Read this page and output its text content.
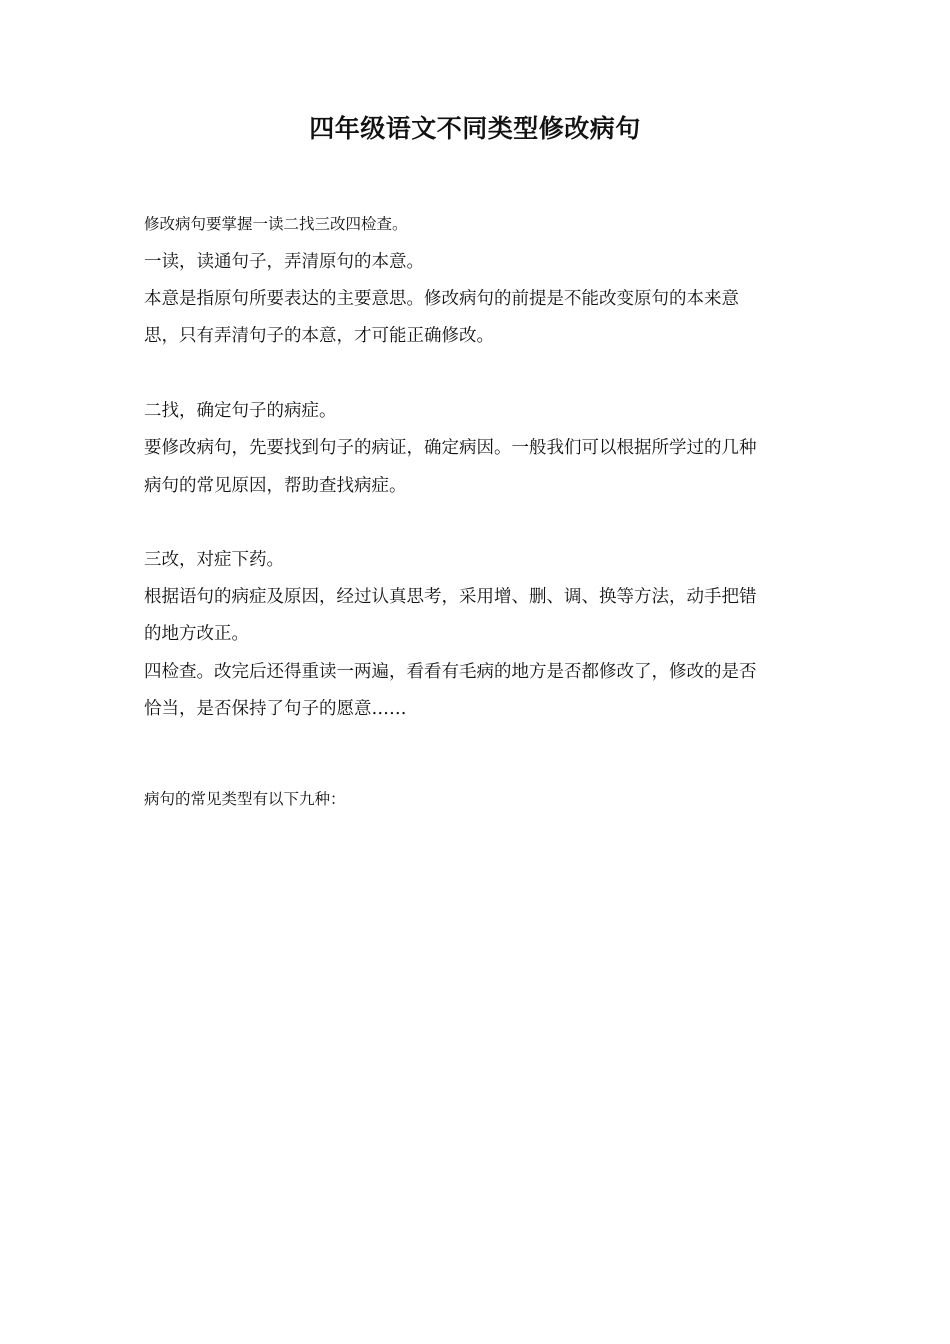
四年级语文不同类型修改病句

修改病句要掌握一读二找三改四检查。

一读，读通句子，弄清原句的本意。

本意是指原句所要表达的主要意思。修改病句的前提是不能改变原句的本来意

思，只有弄清句子的本意，才可能正确修改。

二找，确定句子的病症。

要修改病句，先要找到句子的病证，确定病因。一般我们可以根据所学过的几种

病句的常见原因，帮助查找病症。

三改，对症下药。

根据语句的病症及原因，经过认真思考，采用增、删、调、换等方法，动手把错

的地方改正。

四检查。改完后还得重读一两遍，看看有毛病的地方是否都修改了，修改的是否

恰当，是否保持了句子的愿意……

病句的常见类型有以下九种：
